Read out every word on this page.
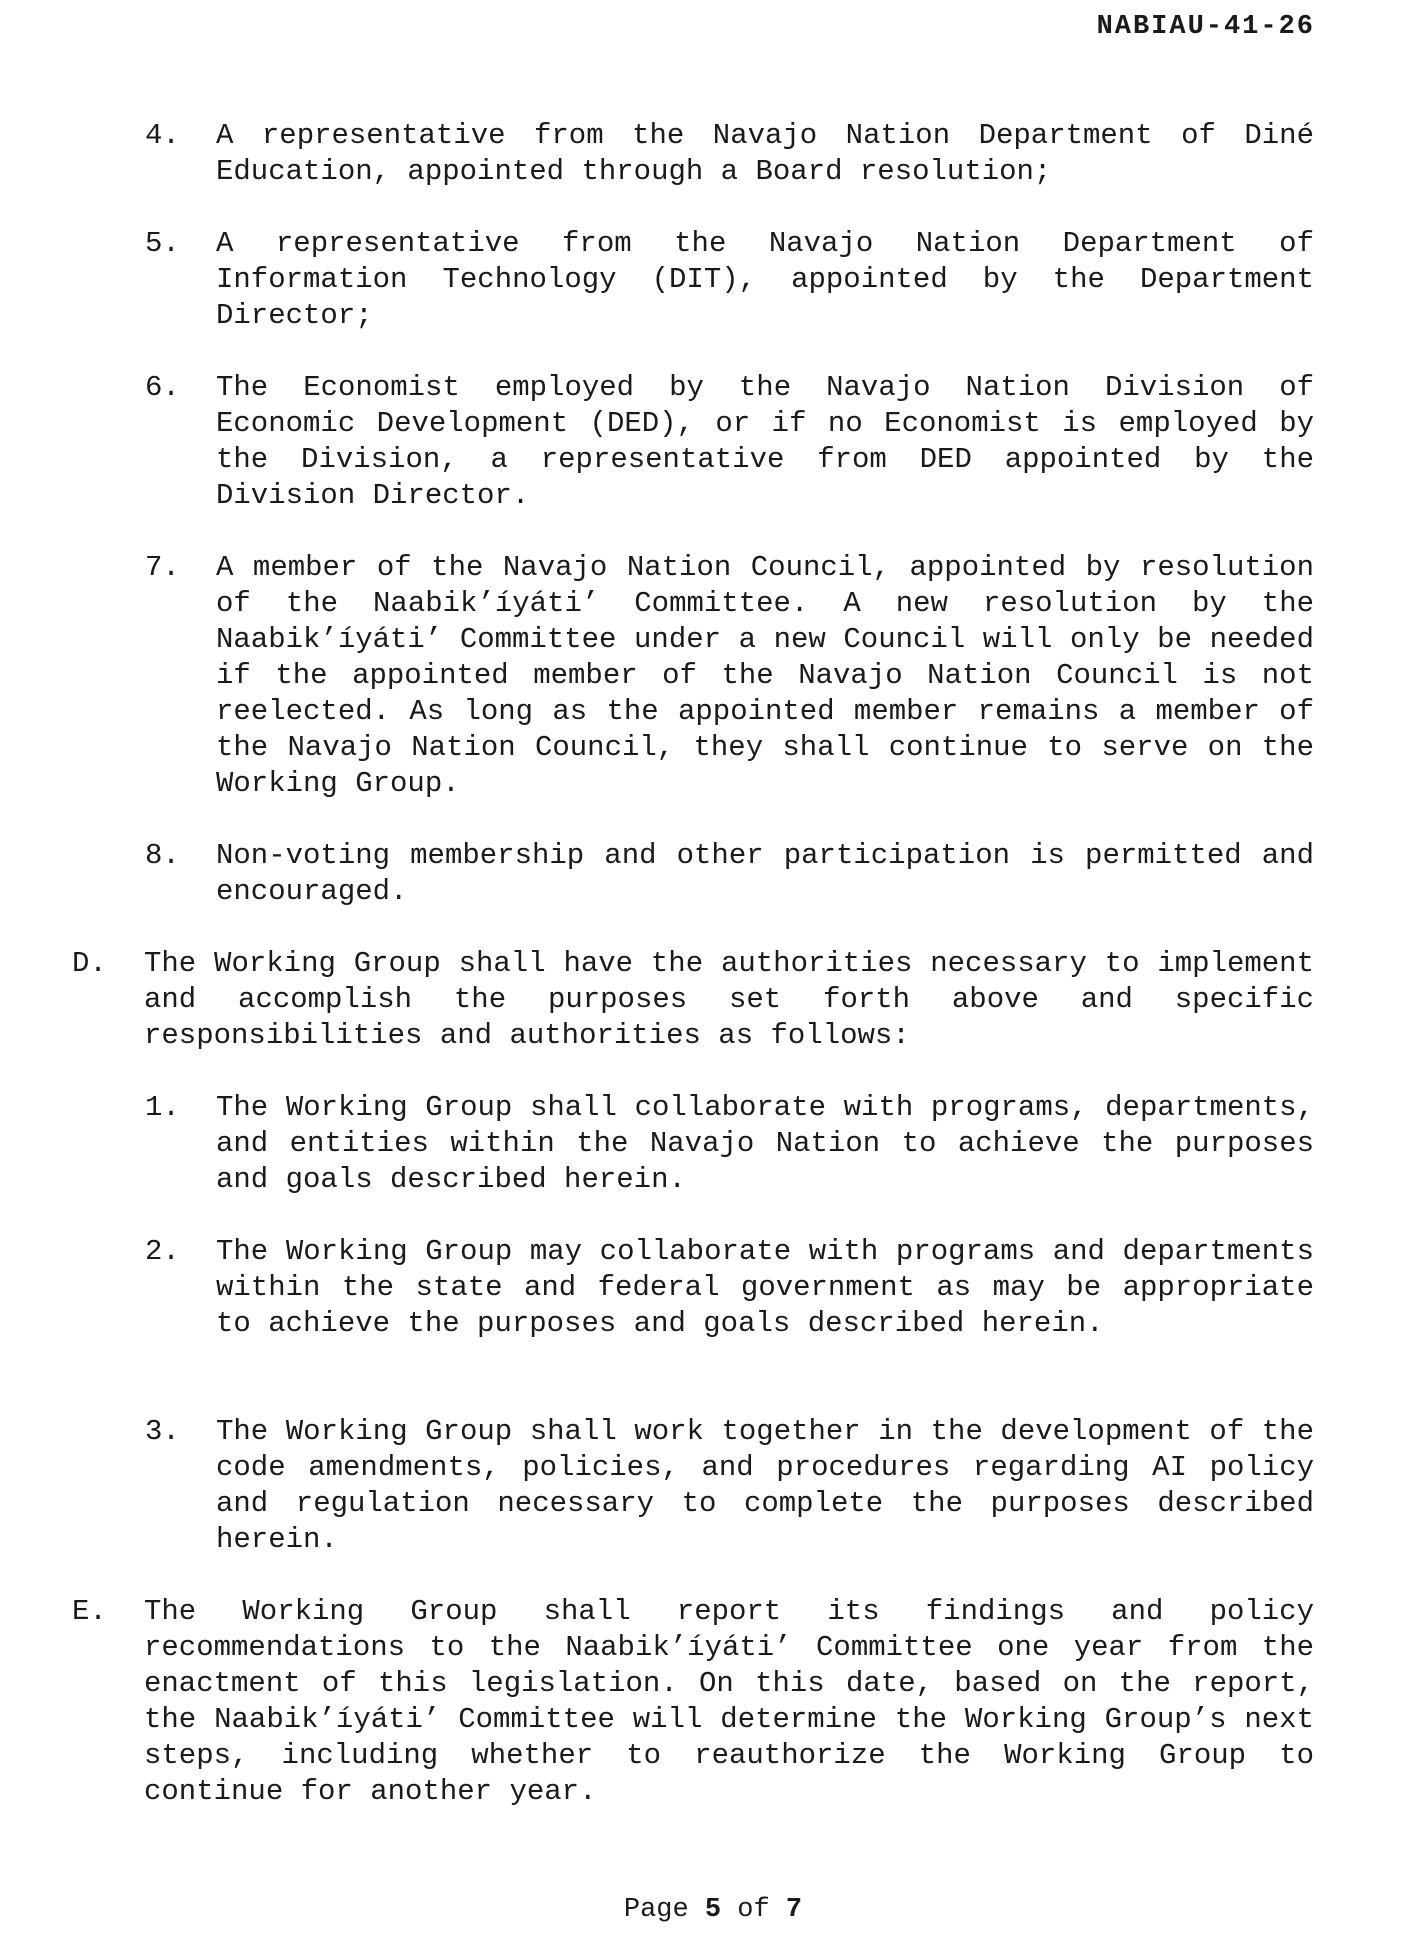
NABIAU-41-26
4. A representative from the Navajo Nation Department of Diné Education, appointed through a Board resolution;
5. A representative from the Navajo Nation Department of Information Technology (DIT), appointed by the Department Director;
6. The Economist employed by the Navajo Nation Division of Economic Development (DED), or if no Economist is employed by the Division, a representative from DED appointed by the Division Director.
7. A member of the Navajo Nation Council, appointed by resolution of the Naabik’íyáti’ Committee. A new resolution by the Naabik’íyáti’ Committee under a new Council will only be needed if the appointed member of the Navajo Nation Council is not reelected. As long as the appointed member remains a member of the Navajo Nation Council, they shall continue to serve on the Working Group.
8. Non-voting membership and other participation is permitted and encouraged.
D. The Working Group shall have the authorities necessary to implement and accomplish the purposes set forth above and specific responsibilities and authorities as follows:
1. The Working Group shall collaborate with programs, departments, and entities within the Navajo Nation to achieve the purposes and goals described herein.
2. The Working Group may collaborate with programs and departments within the state and federal government as may be appropriate to achieve the purposes and goals described herein.
3. The Working Group shall work together in the development of the code amendments, policies, and procedures regarding AI policy and regulation necessary to complete the purposes described herein.
E. The Working Group shall report its findings and policy recommendations to the Naabik’íyáti’ Committee one year from the enactment of this legislation. On this date, based on the report, the Naabik’íyáti’ Committee will determine the Working Group’s next steps, including whether to reauthorize the Working Group to continue for another year.
Page 5 of 7
